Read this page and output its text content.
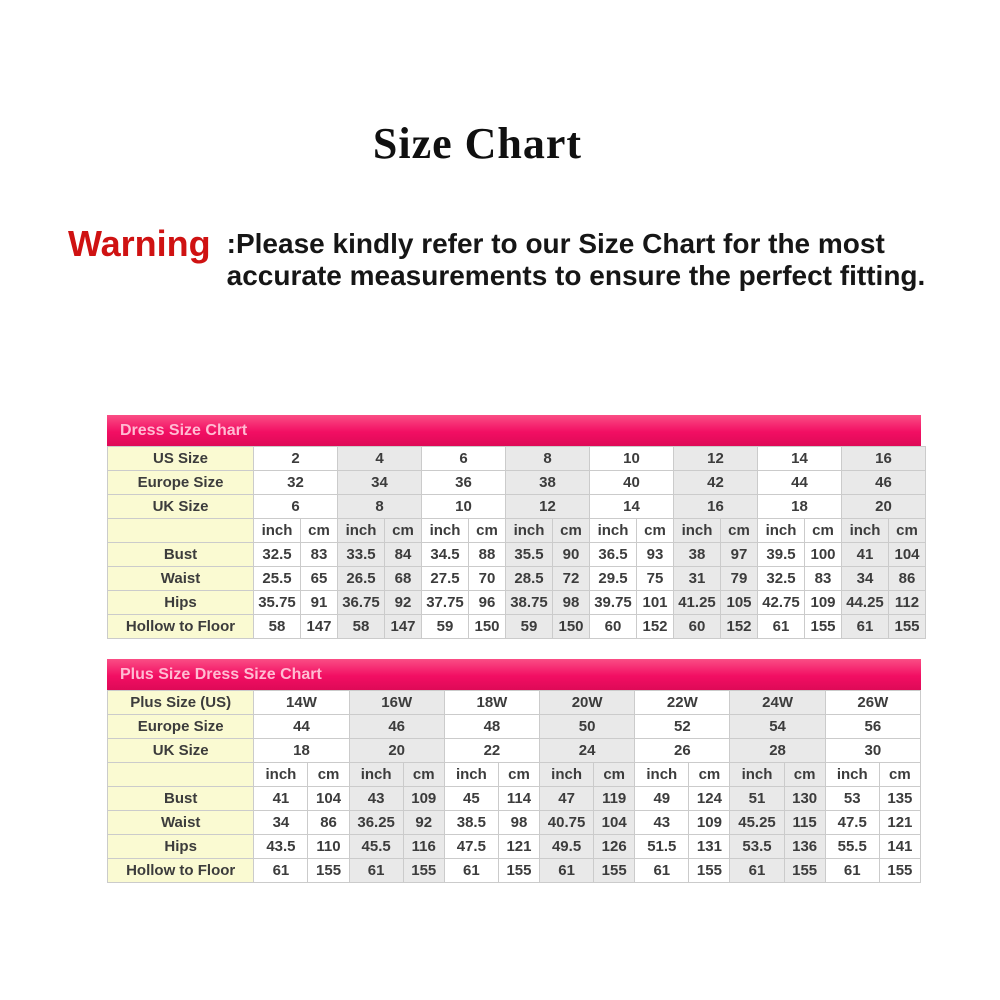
Size Chart
Warning :Please kindly refer to our Size Chart for the most
accurate measurements to ensure the perfect fitting.
Dress Size Chart
US Size	2		4		6		8		10		12		14		16	
Europe Size	32		34		36		38		40		42		44		46	
UK Size	6		8		10		12		14		16		18		20	
	inch	cm	inch	cm	inch	cm	inch	cm	inch	cm	inch	cm	inch	cm	inch	cm
Bust	32.5	83	33.5	84	34.5	88	35.5	90	36.5	93	38	97	39.5	100	41	104
Waist	25.5	65	26.5	68	27.5	70	28.5	72	29.5	75	31	79	32.5	83	34	86
Hips	35.75	91	36.75	92	37.75	96	38.75	98	39.75	101	41.25	105	42.75	109	44.25	112
Hollow to Floor	58	147	58	147	59	150	59	150	60	152	60	152	61	155	61	155
Plus Size Dress Size Chart
Plus Size (US)	14W		16W		18W		20W		22W		24W		26W	
Europe Size	44		46		48		50		52		54		56	
UK Size	18		20		22		24		26		28		30	
	inch	cm	inch	cm	inch	cm	inch	cm	inch	cm	inch	cm	inch	cm
Bust	41	104	43	109	45	114	47	119	49	124	51	130	53	135
Waist	34	86	36.25	92	38.5	98	40.75	104	43	109	45.25	115	47.5	121
Hips	43.5	110	45.5	116	47.5	121	49.5	126	51.5	131	53.5	136	55.5	141
Hollow to Floor	61	155	61	155	61	155	61	155	61	155	61	155	61	155
